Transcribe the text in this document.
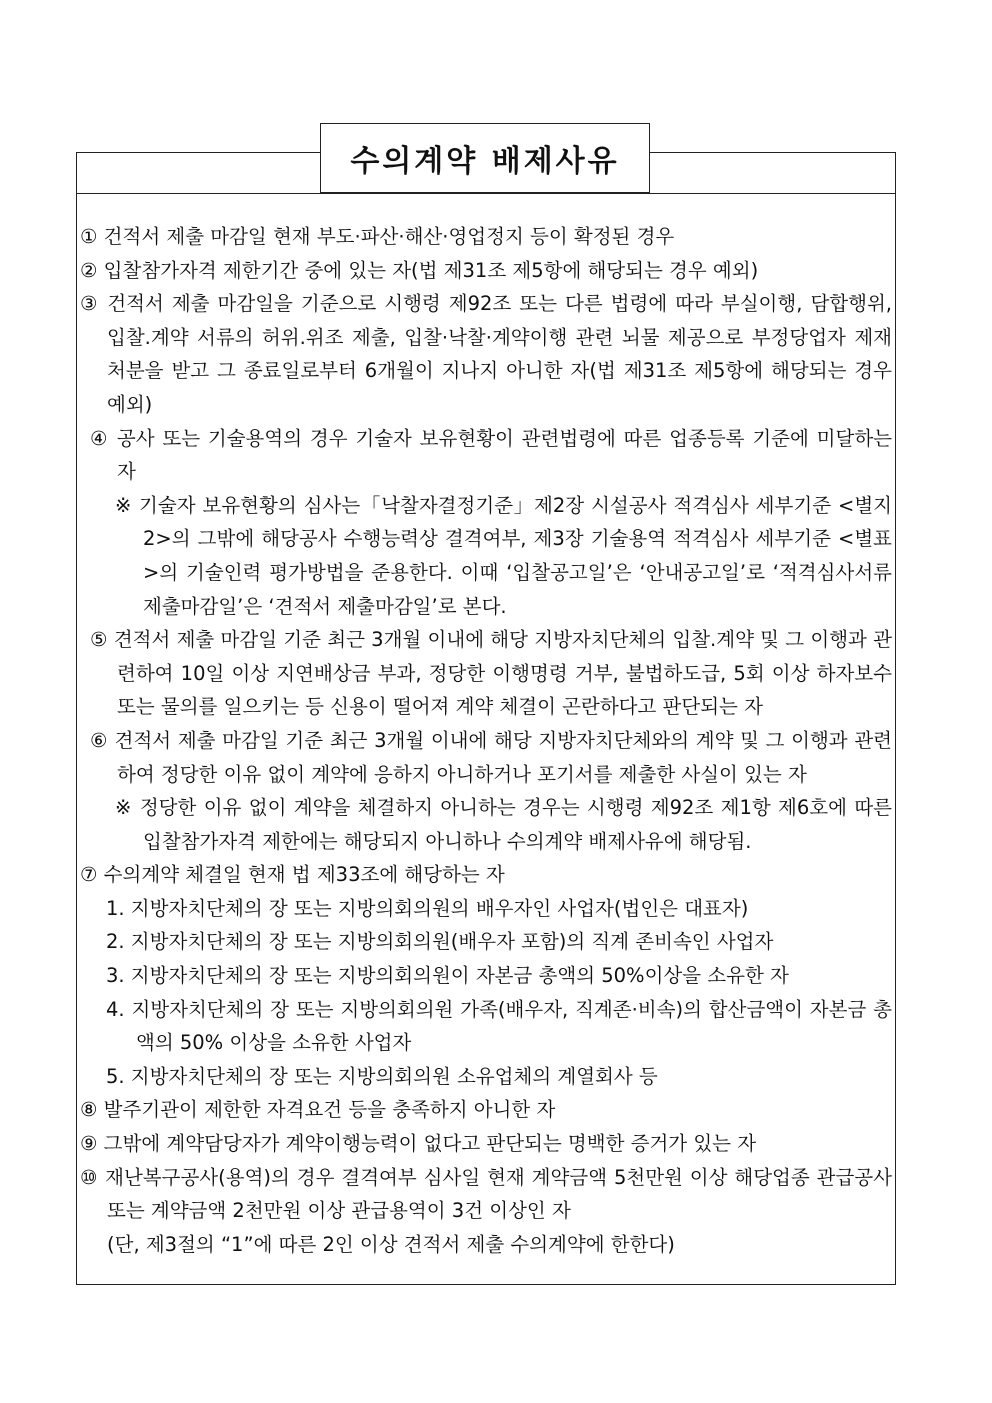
수의계약 배제사유
① 건적서 제출 마감일 현재 부도·파산·해산·영업정지 등이 확정된 경우
② 입찰참가자격 제한기간 중에 있는 자(법 제31조 제5항에 해당되는 경우 예외)
③ 건적서 제출 마감일을 기준으로 시행령 제92조 또는 다른 법령에 따라 부실이행, 담합행위, 입찰.계약 서류의 허위.위조 제출, 입찰·낙찰·계약이행 관련 뇌물 제공으로 부정당업자 제재 처분을 받고 그 종료일로부터 6개월이 지나지 아니한 자(법 제31조 제5항에 해당되는 경우 예외)
④ 공사 또는 기술용역의 경우 기술자 보유현황이 관련법령에 따른 업종등록 기준에 미달하는 자
※ 기술자 보유현황의 심사는「낙찰자결정기준」제2장 시설공사 적격심사 세부기준 <별지 2>의 그밖에 해당공사 수행능력상 결격여부, 제3장 기술용역 적격심사 세부기준 <별표>의 기술인력 평가방법을 준용한다. 이때 ‘입찰공고일’은 ‘안내공고일’로 ‘적격심사서류 제출마감일’은 ‘견적서 제출마감일’로 본다.
⑤ 견적서 제출 마감일 기준 최근 3개월 이내에 해당 지방자치단체의 입찰.계약 및 그 이행과 관련하여 10일 이상 지연배상금 부과, 정당한 이행명령 거부, 불법하도급, 5회 이상 하자보수 또는 물의를 일으키는 등 신용이 떨어져 계약 체결이 곤란하다고 판단되는 자
⑥ 견적서 제출 마감일 기준 최근 3개월 이내에 해당 지방자치단체와의 계약 및 그 이행과 관련하여 정당한 이유 없이 계약에 응하지 아니하거나 포기서를 제출한 사실이 있는 자
※ 정당한 이유 없이 계약을 체결하지 아니하는 경우는 시행령 제92조 제1항 제6호에 따른 입찰참가자격 제한에는 해당되지 아니하나 수의계약 배제사유에 해당됨.
⑦ 수의계약 체결일 현재 법 제33조에 해당하는 자
1. 지방자치단체의 장 또는 지방의회의원의 배우자인 사업자(법인은 대표자)
2. 지방자치단체의 장 또는 지방의회의원(배우자 포함)의 직계 존비속인 사업자
3. 지방자치단체의 장 또는 지방의회의원이 자본금 총액의 50%이상을 소유한 자
4. 지방자치단체의 장 또는 지방의회의원 가족(배우자, 직계존·비속)의 합산금액이 자본금 총액의 50% 이상을 소유한 사업자
5. 지방자치단체의 장 또는 지방의회의원 소유업체의 계열회사 등
⑧ 발주기관이 제한한 자격요건 등을 충족하지 아니한 자
⑨ 그밖에 계약담당자가 계약이행능력이 없다고 판단되는 명백한 증거가 있는 자
⑩ 재난복구공사(용역)의 경우 결격여부 심사일 현재 계약금액 5천만원 이상 해당업종 관급공사 또는 계약금액 2천만원 이상 관급용역이 3건 이상인 자
(단, 제3절의 “1”에 따른 2인 이상 견적서 제출 수의계약에 한한다)
